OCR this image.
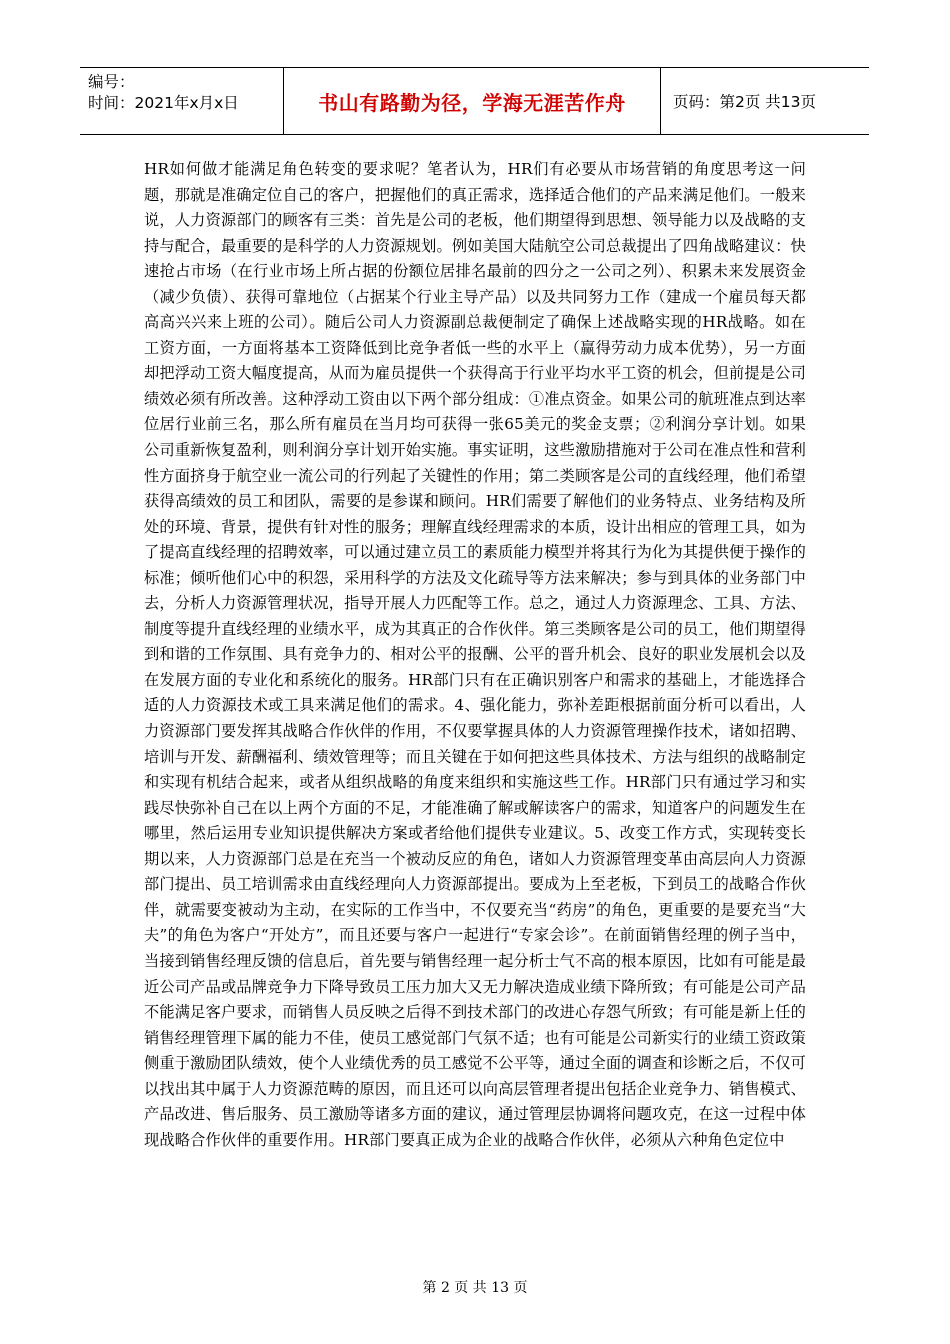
编号：
时间：2021年x月x日	书山有路勤为径，学海无涯苦作舟	页码：第2页 共13页

HR如何做才能满足角色转变的要求呢？笔者认为，HR们有必要从市场营销的角度思考这一问题，那就是准确定位自己的客户，把握他们的真正需求，选择适合他们的产品来满足他们。一般来说，人力资源部门的顾客有三类：首先是公司的老板，他们期望得到思想、领导能力以及战略的支持与配合，最重要的是科学的人力资源规划。例如美国大陆航空公司总裁提出了四角战略建议：快速抢占市场（在行业市场上所占据的份额位居排名最前的四分之一公司之列）、积累未来发展资金（减少负债）、获得可靠地位（占据某个行业主导产品）以及共同努力工作（建成一个雇员每天都高高兴兴来上班的公司）。随后公司人力资源副总裁便制定了确保上述战略实现的HR战略。如在工资方面，一方面将基本工资降低到比竞争者低一些的水平上（赢得劳动力成本优势），另一方面却把浮动工资大幅度提高，从而为雇员提供一个获得高于行业平均水平工资的机会，但前提是公司绩效必须有所改善。这种浮动工资由以下两个部分组成：①准点资金。如果公司的航班准点到达率位居行业前三名，那么所有雇员在当月均可获得一张65美元的奖金支票；②利润分享计划。如果公司重新恢复盈利，则利润分享计划开始实施。事实证明，这些激励措施对于公司在准点性和营利性方面挤身于航空业一流公司的行列起了关键性的作用；第二类顾客是公司的直线经理，他们希望获得高绩效的员工和团队，需要的是参谋和顾问。HR们需要了解他们的业务特点、业务结构及所处的环境、背景，提供有针对性的服务；理解直线经理需求的本质，设计出相应的管理工具，如为了提高直线经理的招聘效率，可以通过建立员工的素质能力模型并将其行为化为其提供便于操作的标准；倾听他们心中的积怨，采用科学的方法及文化疏导等方法来解决；参与到具体的业务部门中去，分析人力资源管理状况，指导开展人力匹配等工作。总之，通过人力资源理念、工具、方法、制度等提升直线经理的业绩水平，成为其真正的合作伙伴。第三类顾客是公司的员工，他们期望得到和谐的工作氛围、具有竞争力的、相对公平的报酬、公平的晋升机会、良好的职业发展机会以及在发展方面的专业化和系统化的服务。HR部门只有在正确识别客户和需求的基础上，才能选择合适的人力资源技术或工具来满足他们的需求。4、强化能力，弥补差距根据前面分析可以看出，人力资源部门要发挥其战略合作伙伴的作用，不仅要掌握具体的人力资源管理操作技术，诸如招聘、培训与开发、薪酬福利、绩效管理等；而且关键在于如何把这些具体技术、方法与组织的战略制定和实现有机结合起来，或者从组织战略的角度来组织和实施这些工作。HR部门只有通过学习和实践尽快弥补自己在以上两个方面的不足，才能准确了解或解读客户的需求，知道客户的问题发生在哪里，然后运用专业知识提供解决方案或者给他们提供专业建议。5、改变工作方式，实现转变长期以来，人力资源部门总是在充当一个被动反应的角色，诸如人力资源管理变革由高层向人力资源部门提出、员工培训需求由直线经理向人力资源部提出。要成为上至老板，下到员工的战略合作伙伴，就需要变被动为主动，在实际的工作当中，不仅要充当“药房”的角色，更重要的是要充当“大夫”的角色为客户“开处方”，而且还要与客户一起进行“专家会诊”。在前面销售经理的例子当中，当接到销售经理反馈的信息后，首先要与销售经理一起分析士气不高的根本原因，比如有可能是最近公司产品或品牌竞争力下降导致员工压力加大又无力解决造成业绩下降所致；有可能是公司产品不能满足客户要求，而销售人员反映之后得不到技术部门的改进心存怨气所致；有可能是新上任的销售经理管理下属的能力不佳，使员工感觉部门气氛不适；也有可能是公司新实行的业绩工资政策侧重于激励团队绩效，使个人业绩优秀的员工感觉不公平等，通过全面的调查和诊断之后，不仅可以找出其中属于人力资源范畴的原因，而且还可以向高层管理者提出包括企业竞争力、销售模式、产品改进、售后服务、员工激励等诸多方面的建议，通过管理层协调将问题攻克，在这一过程中体现战略合作伙伴的重要作用。HR部门要真正成为企业的战略合作伙伴，必须从六种角色定位中

第 2 页 共 13 页
